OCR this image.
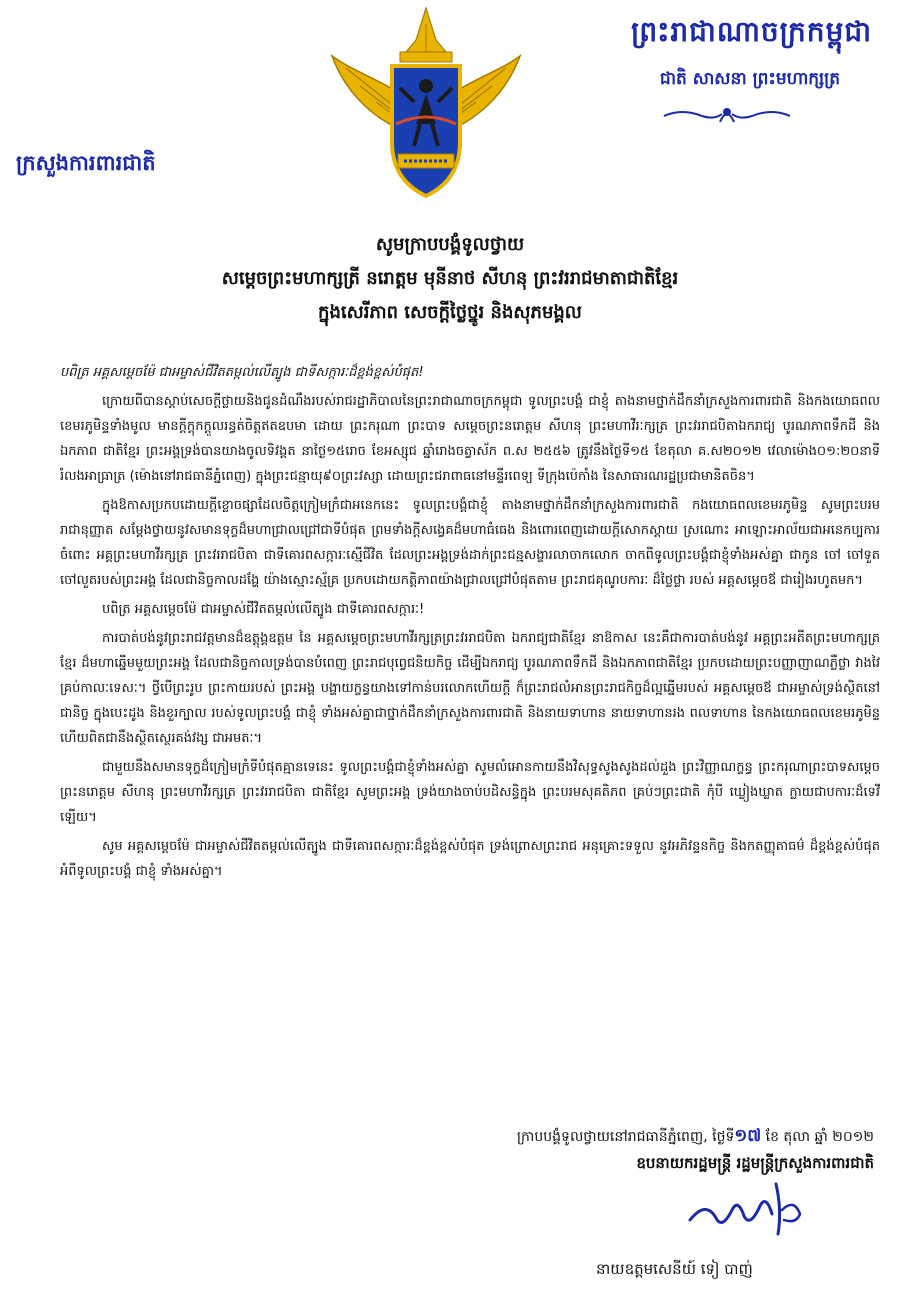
ព្រះរាជាណាចក្រកម្ពុជា
ជាតិ សាសនា ព្រះមហាក្សត្រ
ក្រសួងការពារជាតិ
សូមក្រាបបង្គំទូលថ្វាយ
សម្តេចព្រះមហាក្សត្រី នរោត្តម មុនីនាថ សីហនុ ព្រះវររាជមាតាជាតិខ្មែរ
ក្នុងសេរីភាព សេចក្តីថ្លៃថ្នូរ និងសុភមង្គល

បពិត្រ អគ្គសម្តេចម៉ែ ជាអម្ចាស់ជីវិតតម្កល់លើត្បូង ជាទីសក្ការៈដ៏ខ្ពង់ខ្ពស់បំផុត!

ក្រោយពីបានស្តាប់សេចក្តីថ្លាយនិងជូនដំណឹងរបស់រាជរដ្ឋាភិបាលនៃព្រះរាជាណាចក្រកម្ពុជា ទូលព្រះបង្គំ ជាខ្ញុំ តាងនាមថ្នាក់ដឹកនាំក្រសួងការពារជាតិ និងកងយោធពលខេមរភូមិន្ទទាំងមូល មានក្តីក្តុកក្តួលរន្ធត់ចិត្តឥតឧបមា ដោយ ព្រះករុណា ព្រះបាទ សម្តេចព្រះនរោត្តម សីហនុ ព្រះមហាវីរៈក្សត្រ ព្រះវររាជបិតាឯករាជ្យ បូរណភាពទឹកដី និងឯកភាព ជាតិខ្មែរ ព្រះអង្គទ្រង់បានយាងចូលទិវង្គត នាថ្ងៃ១៥រោច ខែអស្សុជ ឆ្នាំរោងចត្វាស័ក ព.ស ២៥៥៦ ត្រូវនឹងថ្ងៃទី១៥ ខែតុលា គ.ស២០១២ វេលាម៉ោង០១:២០នាទីរំលងអាធ្រាត្រ (ម៉ោងនៅរាជធានីភ្នំពេញ) ក្នុងព្រះជន្មាយុ៩០ព្រះវស្សា ដោយព្រះជរាពាធនៅមន្ទីរពេទ្យ ទីក្រុងប៉េកាំង នៃសាធារណរដ្ឋប្រជាមានិតចិន។

ក្នុងឱកាសប្រកបដោយក្តីខ្លោចផ្សាដែលចិត្តក្រៀមក្រំជាអនេកនេះ ទូលព្រះបង្គំជាខ្ញុំ តាងនាមថ្នាក់ដឹកនាំក្រសួងការពារជាតិ កងយោធពលខេមរភូមិន្ទ សូមព្រះបរមរាជានុញ្ញាត សម្តែងថ្វាយនូវសមានទុក្ខដ៏មហាជ្រាលជ្រៅជាទីបំផុត ព្រមទាំងក្តីសង្វេគដ៏មហាធំធេង និងពោរពេញដោយក្តីសោកស្តាយ ស្រណោះ អាឡោះអាល័យជាអនេកប្បការ ចំពោះ អគ្គព្រះមហាវីរក្សត្រ ព្រះវររាជបិតា ជាទីគោរពសក្ការៈស្មើជីវិត ដែលព្រះអង្គទ្រង់ដាក់ព្រះជន្មសង្ខារលាចាកលោក ចាកពីទូលព្រះបង្គំជាខ្ញុំទាំងអស់គ្នា ជាកូន ចៅ ចៅទួត ចៅលួតរបស់ព្រះអង្គ ដែលជានិច្ចកាលដង្ហែ យ៉ាងស្មោះស្ម័គ្រ ប្រកបដោយកត្តិភាពយ៉ាងជ្រាលជ្រៅបំផុតតាម ព្រះរាជគុណូបការៈ ដ៏ថ្លៃថ្លា របស់ អគ្គសម្តេចឪ ជារៀងរហូតមក។

បពិត្រ អគ្គសម្តេចម៉ែ ជាអម្ចាស់ជីវិតតម្កល់លើត្បូង ជាទីគោរពសក្ការៈ!

ការបាត់បង់នូវព្រះរាជវត្តមានដ៏ឧត្តុង្គឧត្តម នៃ អគ្គសម្តេចព្រះមហាវីរក្សត្រព្រះវររាជបិតា ឯករាជ្យជាតិខ្មែរ នាឱកាស នេះគឺជាការបាត់បង់នូវ អគ្គព្រះអតីតព្រះមហាក្សត្រខ្មែរ ដ៏មហាឆ្នើមមួយព្រះអង្គ ដែលជានិច្ចកាលទ្រង់បានបំពេញ ព្រះរាជបុព្វេជនិយកិច្ច ដើម្បីឯករាជ្យ បូរណភាពទឹកដី និងឯកភាពជាតិខ្មែរ ប្រកបដោយព្រះបញ្ញាញាណភ្លឺថ្លា វាងវៃគ្រប់កាលៈទេសៈ។ ថ្វីបើព្រះរូប ព្រះកាយរបស់ ព្រះអង្គ បង្ហាយក្ខន្ធយាងទៅកាន់បរលោកហើយក្តី ក៏ព្រះរាជលំអានព្រះរាជកិច្ចដ៏ល្អឆ្នើមរបស់ អគ្គសម្តេចឪ ជាអម្ចាស់ទ្រង់ស្ថិតនៅជានិច្ច ក្នុងបេះដូង និងខួរក្បាល របស់ទូលព្រះបង្គំ ជាខ្ញុំ ទាំងអស់គ្នាជាថ្នាក់ដឹកនាំក្រសួងការពារជាតិ និងនាយទាហាន នាយទាហានរង ពលទាហាន នៃកងយោធពលខេមរភូមិន្ទ ហើយពិតជានឹងស្ថិតស្ថេរគង់វង្ស ជាអមតៈ។

ជាមួយនឹងសមានទុក្ខដ៏ក្រៀមក្រំទីបំផុតគ្មានទេនេះ ទូលព្រះបង្គំជាខ្ញុំទាំងអស់គ្នា សូមលំអោនកាយនឹងវិសុទ្ធសូងសូងដល់ដួង ព្រះវិញ្ញាណក្ខន្ធ ព្រះករុណាព្រះបាទសម្តេចព្រះនរោត្តម សីហនុ ព្រះមហាវីរក្សត្រ ព្រះវររាជបិតា ជាតិខ្មែរ សូមព្រះអង្គ ទ្រង់យាងចាប់បដិសន្ធិក្នុង ព្រះបរមសុគតិភព គ្រប់ៗព្រះជាតិ កុំបី ឃ្លៀងឃ្លាត ក្លាយជាបការៈដ៏ទេវីឡើយ។

សូម អគ្គសម្តេចម៉ែ ជាអម្ចាស់ជីវិតតម្កល់លើត្បូង ជាទីគោរពសក្ការៈដ៏ខ្ពង់ខ្ពស់បំផុត ទ្រង់ព្រោសព្រះរាជ អនុគ្រោះទទួល នូវអភិវន្ទនកិច្ច និងកតញ្ញុតាធម៌ ដ៏ខ្ពង់ខ្ពស់បំផុតអំពីទូលព្រះបង្គំ ជាខ្ញុំ ទាំងអស់គ្នា។

ក្រាបបង្គំទូលថ្វាយនៅរាជធានីភ្នំពេញ, ថ្ងៃទី១៧ ខែ តុលា ឆ្នាំ ២០១២
ឧបនាយករដ្ឋមន្ត្រី រដ្ឋមន្ត្រីក្រសួងការពារជាតិ
នាយឧត្តមសេនីយ៍ ទៀ បាញ់
